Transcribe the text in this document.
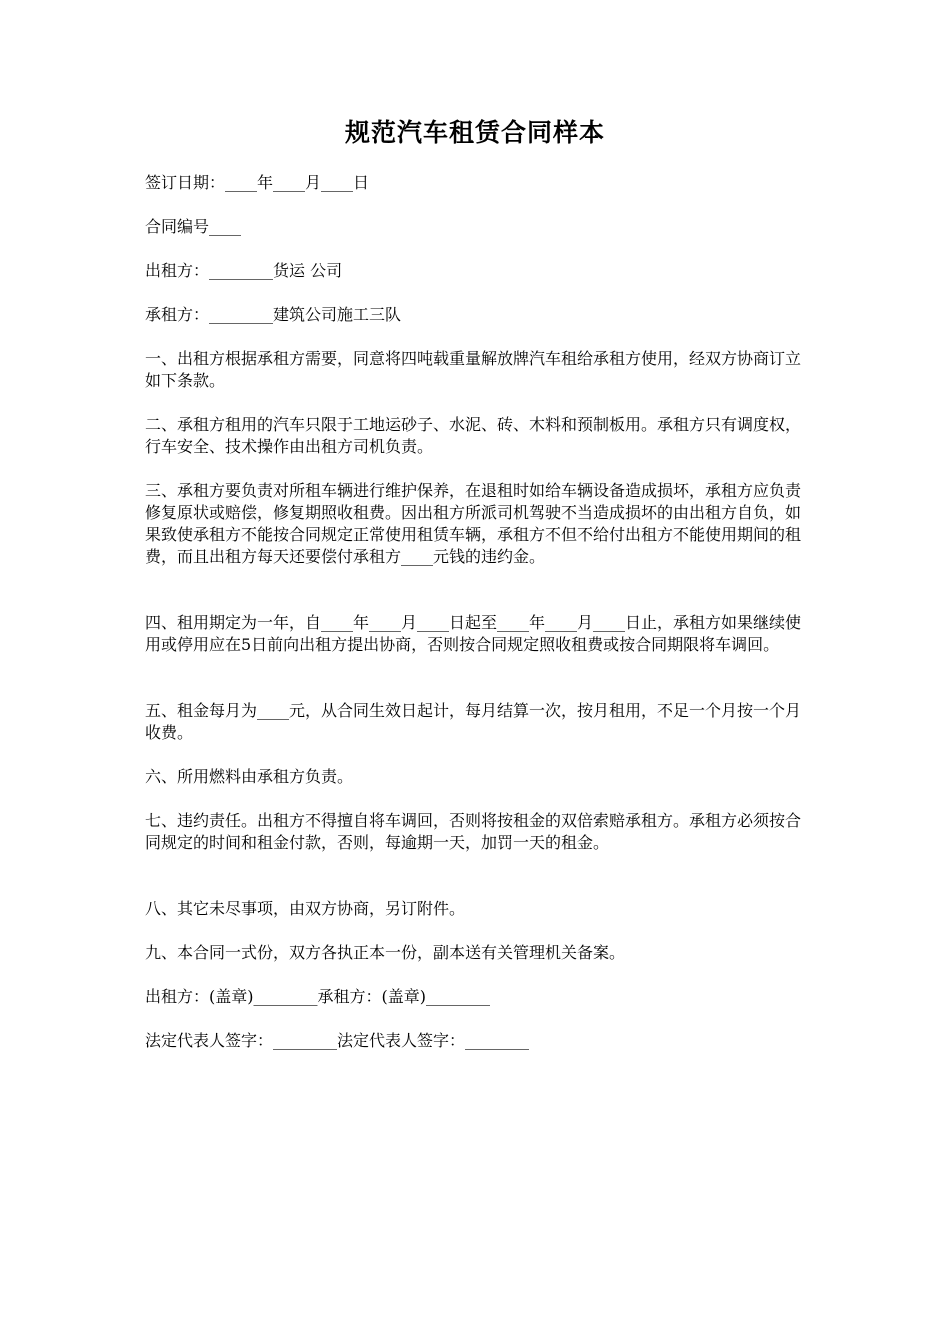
规范汽车租赁合同样本

签订日期：____年____月____日

合同编号____

出租方：________货运 公司

承租方：________建筑公司施工三队

一、出租方根据承租方需要，同意将四吨载重量解放牌汽车租给承租方使用，经双方协商订立如下条款。

二、承租方租用的汽车只限于工地运砂子、水泥、砖、木料和预制板用。承租方只有调度权，行车安全、技术操作由出租方司机负责。

三、承租方要负责对所租车辆进行维护保养，在退租时如给车辆设备造成损坏，承租方应负责修复原状或赔偿，修复期照收租费。因出租方所派司机驾驶不当造成损坏的由出租方自负，如果致使承租方不能按合同规定正常使用租赁车辆，承租方不但不给付出租方不能使用期间的租费，而且出租方每天还要偿付承租方____元钱的违约金。

四、租用期定为一年，自____年____月____日起至____年____月____日止，承租方如果继续使用或停用应在5日前向出租方提出协商，否则按合同规定照收租费或按合同期限将车调回。

五、租金每月为____元，从合同生效日起计，每月结算一次，按月租用，不足一个月按一个月收费。

六、所用燃料由承租方负责。

七、违约责任。出租方不得擅自将车调回，否则将按租金的双倍索赔承租方。承租方必须按合同规定的时间和租金付款，否则，每逾期一天，加罚一天的租金。

八、其它未尽事项，由双方协商，另订附件。

九、本合同一式份，双方各执正本一份，副本送有关管理机关备案。

出租方：(盖章)________承租方：(盖章)________

法定代表人签字：________法定代表人签字：________
